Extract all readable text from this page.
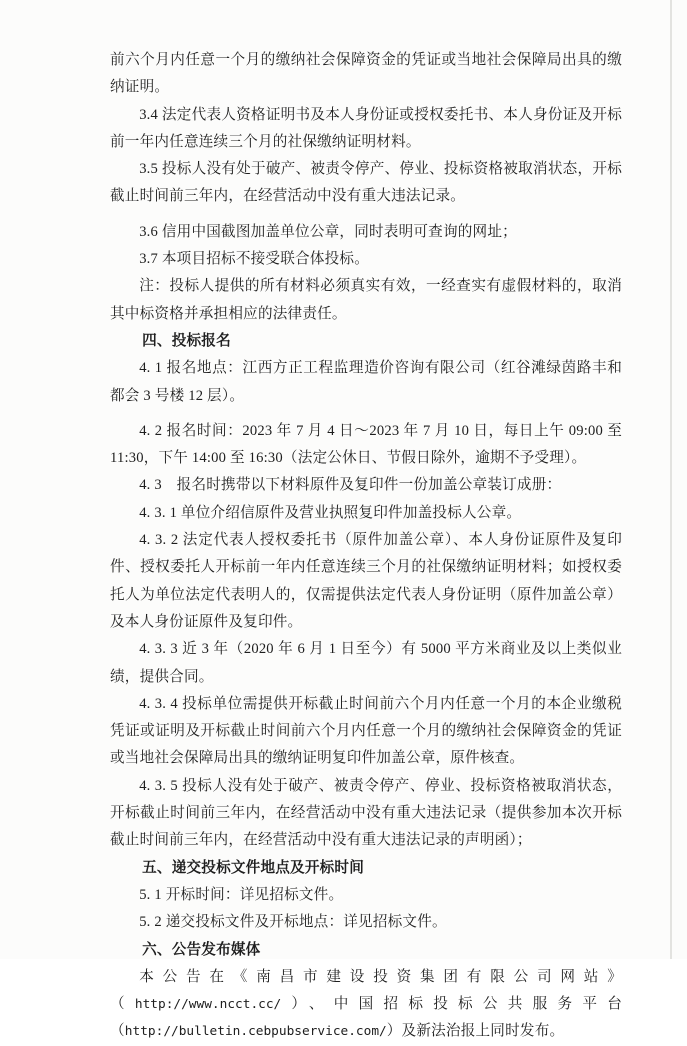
前六个月内任意一个月的缴纳社会保障资金的凭证或当地社会保障局出具的缴纳证明。

3.4 法定代表人资格证明书及本人身份证或授权委托书、本人身份证及开标前一年内任意连续三个月的社保缴纳证明材料。

3.5 投标人没有处于破产、被责令停产、停业、投标资格被取消状态，开标截止时间前三年内，在经营活动中没有重大违法记录。

3.6 信用中国截图加盖单位公章，同时表明可查询的网址；

3.7 本项目招标不接受联合体投标。

注：投标人提供的所有材料必须真实有效，一经查实有虚假材料的，取消其中标资格并承担相应的法律责任。

四、投标报名

4. 1 报名地点：江西方正工程监理造价咨询有限公司（红谷滩绿茵路丰和都会 3 号楼 12 层）。

4. 2 报名时间：2023 年 7 月 4 日～2023 年 7 月 10 日，每日上午 09:00 至 11:30，下午 14:00 至 16:30（法定公休日、节假日除外，逾期不予受理）。

4. 3　报名时携带以下材料原件及复印件一份加盖公章装订成册：

4. 3. 1 单位介绍信原件及营业执照复印件加盖投标人公章。

4. 3. 2 法定代表人授权委托书（原件加盖公章）、本人身份证原件及复印件、授权委托人开标前一年内任意连续三个月的社保缴纳证明材料；如授权委托人为单位法定代表明人的，仅需提供法定代表人身份证明（原件加盖公章）及本人身份证原件及复印件。

4. 3. 3 近 3 年（2020 年 6 月 1 日至今）有 5000 平方米商业及以上类似业绩，提供合同。

4. 3. 4 投标单位需提供开标截止时间前六个月内任意一个月的本企业缴税凭证或证明及开标截止时间前六个月内任意一个月的缴纳社会保障资金的凭证或当地社会保障局出具的缴纳证明复印件加盖公章，原件核查。

4. 3. 5 投标人没有处于破产、被责令停产、停业、投标资格被取消状态，开标截止时间前三年内，在经营活动中没有重大违法记录（提供参加本次开标截止时间前三年内，在经营活动中没有重大违法记录的声明函）；

五、递交投标文件地点及开标时间

5. 1 开标时间：详见招标文件。

5. 2 递交投标文件及开标地点：详见招标文件。

六、公告发布媒体

本公告在《南昌市建设投资集团有限公司网站》（http://www.ncct.cc/）、中国招标投标公共服务平台（http://bulletin.cebpubservice.com/）及新法治报上同时发布。
